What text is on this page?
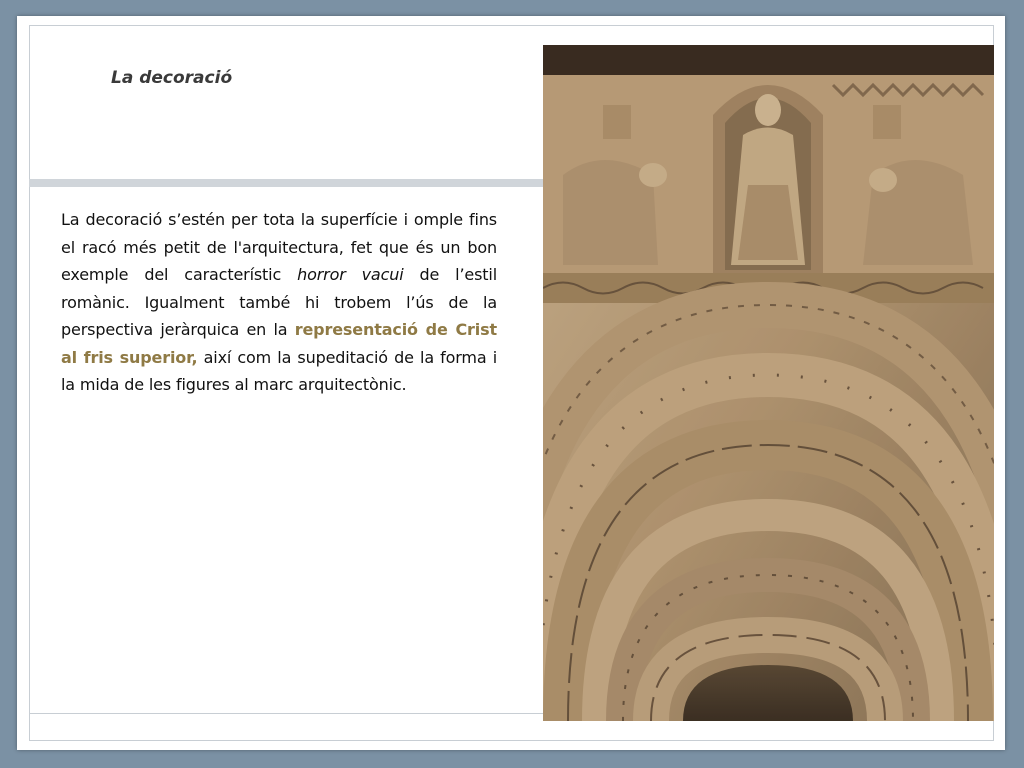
La decoració

La decoració s’estén per tota la superfície i omple fins el racó més petit de l'arquitectura, fet que és un bon exemple del característic horror vacui de l’estil romànic. Igualment també hi trobem l’ús de la perspectiva jeràrquica en la representació de Crist al fris superior, així com la supeditació de la forma i la mida de les figures al marc arquitectònic.
